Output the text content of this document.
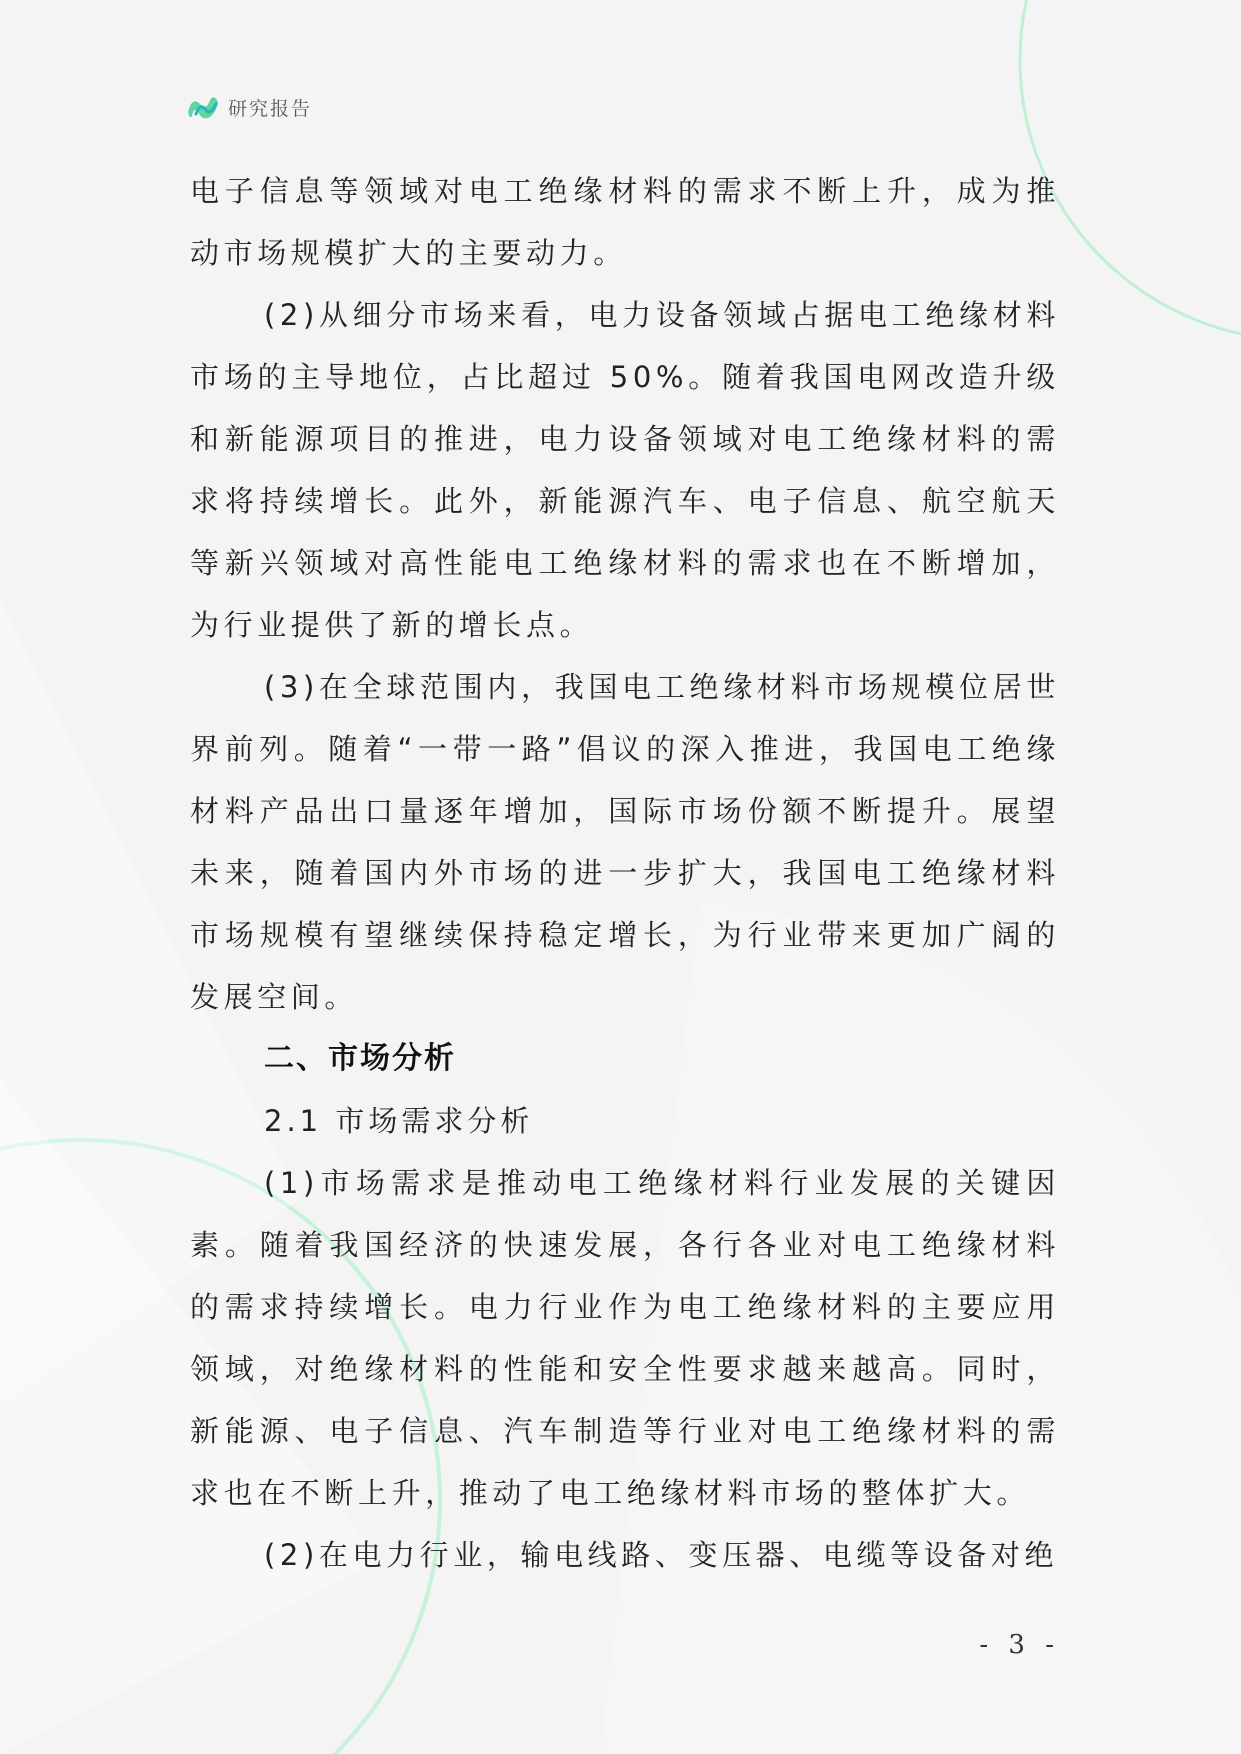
研究报告

电子信息等领域对电工绝缘材料的需求不断上升，成为推动市场规模扩大的主要动力。

(2)从细分市场来看，电力设备领域占据电工绝缘材料市场的主导地位，占比超过 50%。随着我国电网改造升级和新能源项目的推进，电力设备领域对电工绝缘材料的需求将持续增长。此外，新能源汽车、电子信息、航空航天等新兴领域对高性能电工绝缘材料的需求也在不断增加，为行业提供了新的增长点。

(3)在全球范围内，我国电工绝缘材料市场规模位居世界前列。随着“一带一路”倡议的深入推进，我国电工绝缘材料产品出口量逐年增加，国际市场份额不断提升。展望未来，随着国内外市场的进一步扩大，我国电工绝缘材料市场规模有望继续保持稳定增长，为行业带来更加广阔的发展空间。

二、市场分析

2.1 市场需求分析

(1)市场需求是推动电工绝缘材料行业发展的关键因素。随着我国经济的快速发展，各行各业对电工绝缘材料的需求持续增长。电力行业作为电工绝缘材料的主要应用领域，对绝缘材料的性能和安全性要求越来越高。同时，新能源、电子信息、汽车制造等行业对电工绝缘材料的需求也在不断上升，推动了电工绝缘材料市场的整体扩大。

(2)在电力行业，输电线路、变压器、电缆等设备对绝

- 3 -
